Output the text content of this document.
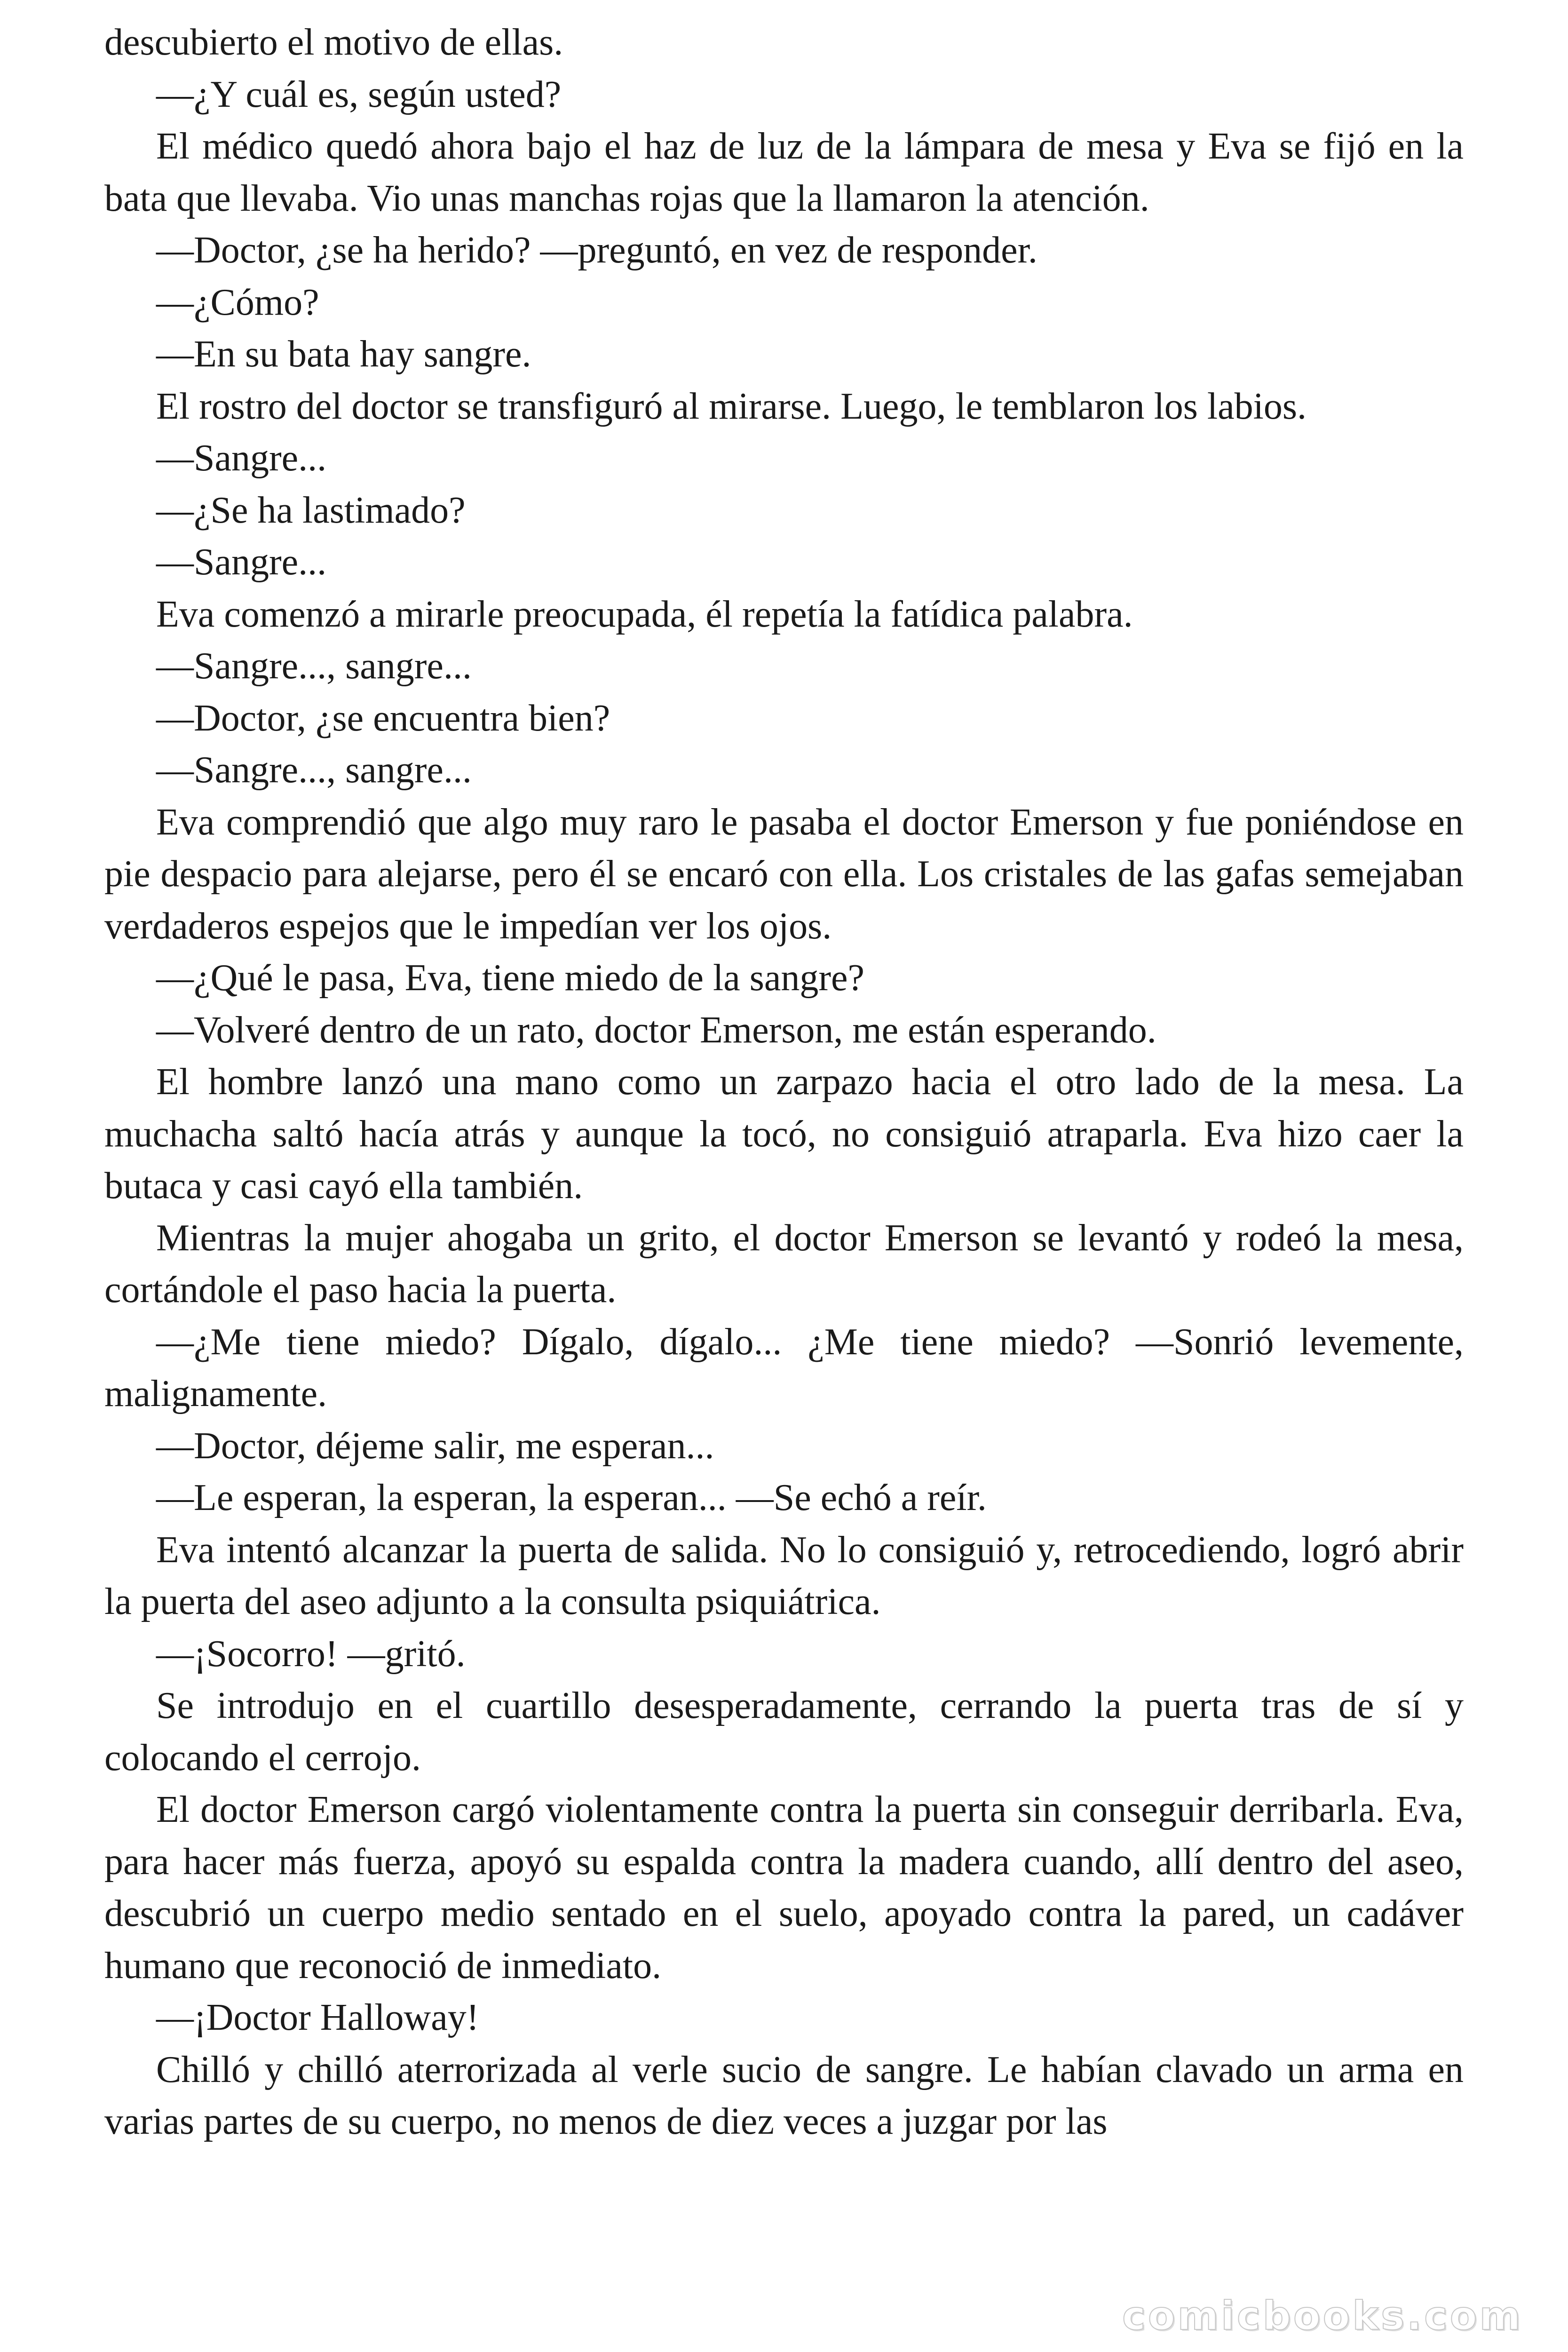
descubierto el motivo de ellas.

—¿Y cuál es, según usted?

El médico quedó ahora bajo el haz de luz de la lámpara de mesa y Eva se fijó en la bata que llevaba. Vio unas manchas rojas que la llamaron la atención.

—Doctor, ¿se ha herido? —preguntó, en vez de responder.

—¿Cómo?

—En su bata hay sangre.

El rostro del doctor se transfiguró al mirarse. Luego, le temblaron los labios.

—Sangre...

—¿Se ha lastimado?

—Sangre...

Eva comenzó a mirarle preocupada, él repetía la fatídica palabra.

—Sangre..., sangre...

—Doctor, ¿se encuentra bien?

—Sangre..., sangre...

Eva comprendió que algo muy raro le pasaba el doctor Emerson y fue poniéndose en pie despacio para alejarse, pero él se encaró con ella. Los cristales de las gafas semejaban verdaderos espejos que le impedían ver los ojos.

—¿Qué le pasa, Eva, tiene miedo de la sangre?

—Volveré dentro de un rato, doctor Emerson, me están esperando.

El hombre lanzó una mano como un zarpazo hacia el otro lado de la mesa. La muchacha saltó hacía atrás y aunque la tocó, no consiguió atraparla. Eva hizo caer la butaca y casi cayó ella también.

Mientras la mujer ahogaba un grito, el doctor Emerson se levantó y rodeó la mesa, cortándole el paso hacia la puerta.

—¿Me tiene miedo? Dígalo, dígalo... ¿Me tiene miedo? —Sonrió levemente, malignamente.

—Doctor, déjeme salir, me esperan...

—Le esperan, la esperan, la esperan... —Se echó a reír.

Eva intentó alcanzar la puerta de salida. No lo consiguió y, retrocediendo, logró abrir la puerta del aseo adjunto a la consulta psiquiátrica.

—¡Socorro! —gritó.

Se introdujo en el cuartillo desesperadamente, cerrando la puerta tras de sí y colocando el cerrojo.

El doctor Emerson cargó violentamente contra la puerta sin conseguir derribarla. Eva, para hacer más fuerza, apoyó su espalda contra la madera cuando, allí dentro del aseo, descubrió un cuerpo medio sentado en el suelo, apoyado contra la pared, un cadáver humano que reconoció de inmediato.

—¡Doctor Halloway!

Chilló y chilló aterrorizada al verle sucio de sangre. Le habían clavado un arma en varias partes de su cuerpo, no menos de diez veces a juzgar por las

comicbooks.com
